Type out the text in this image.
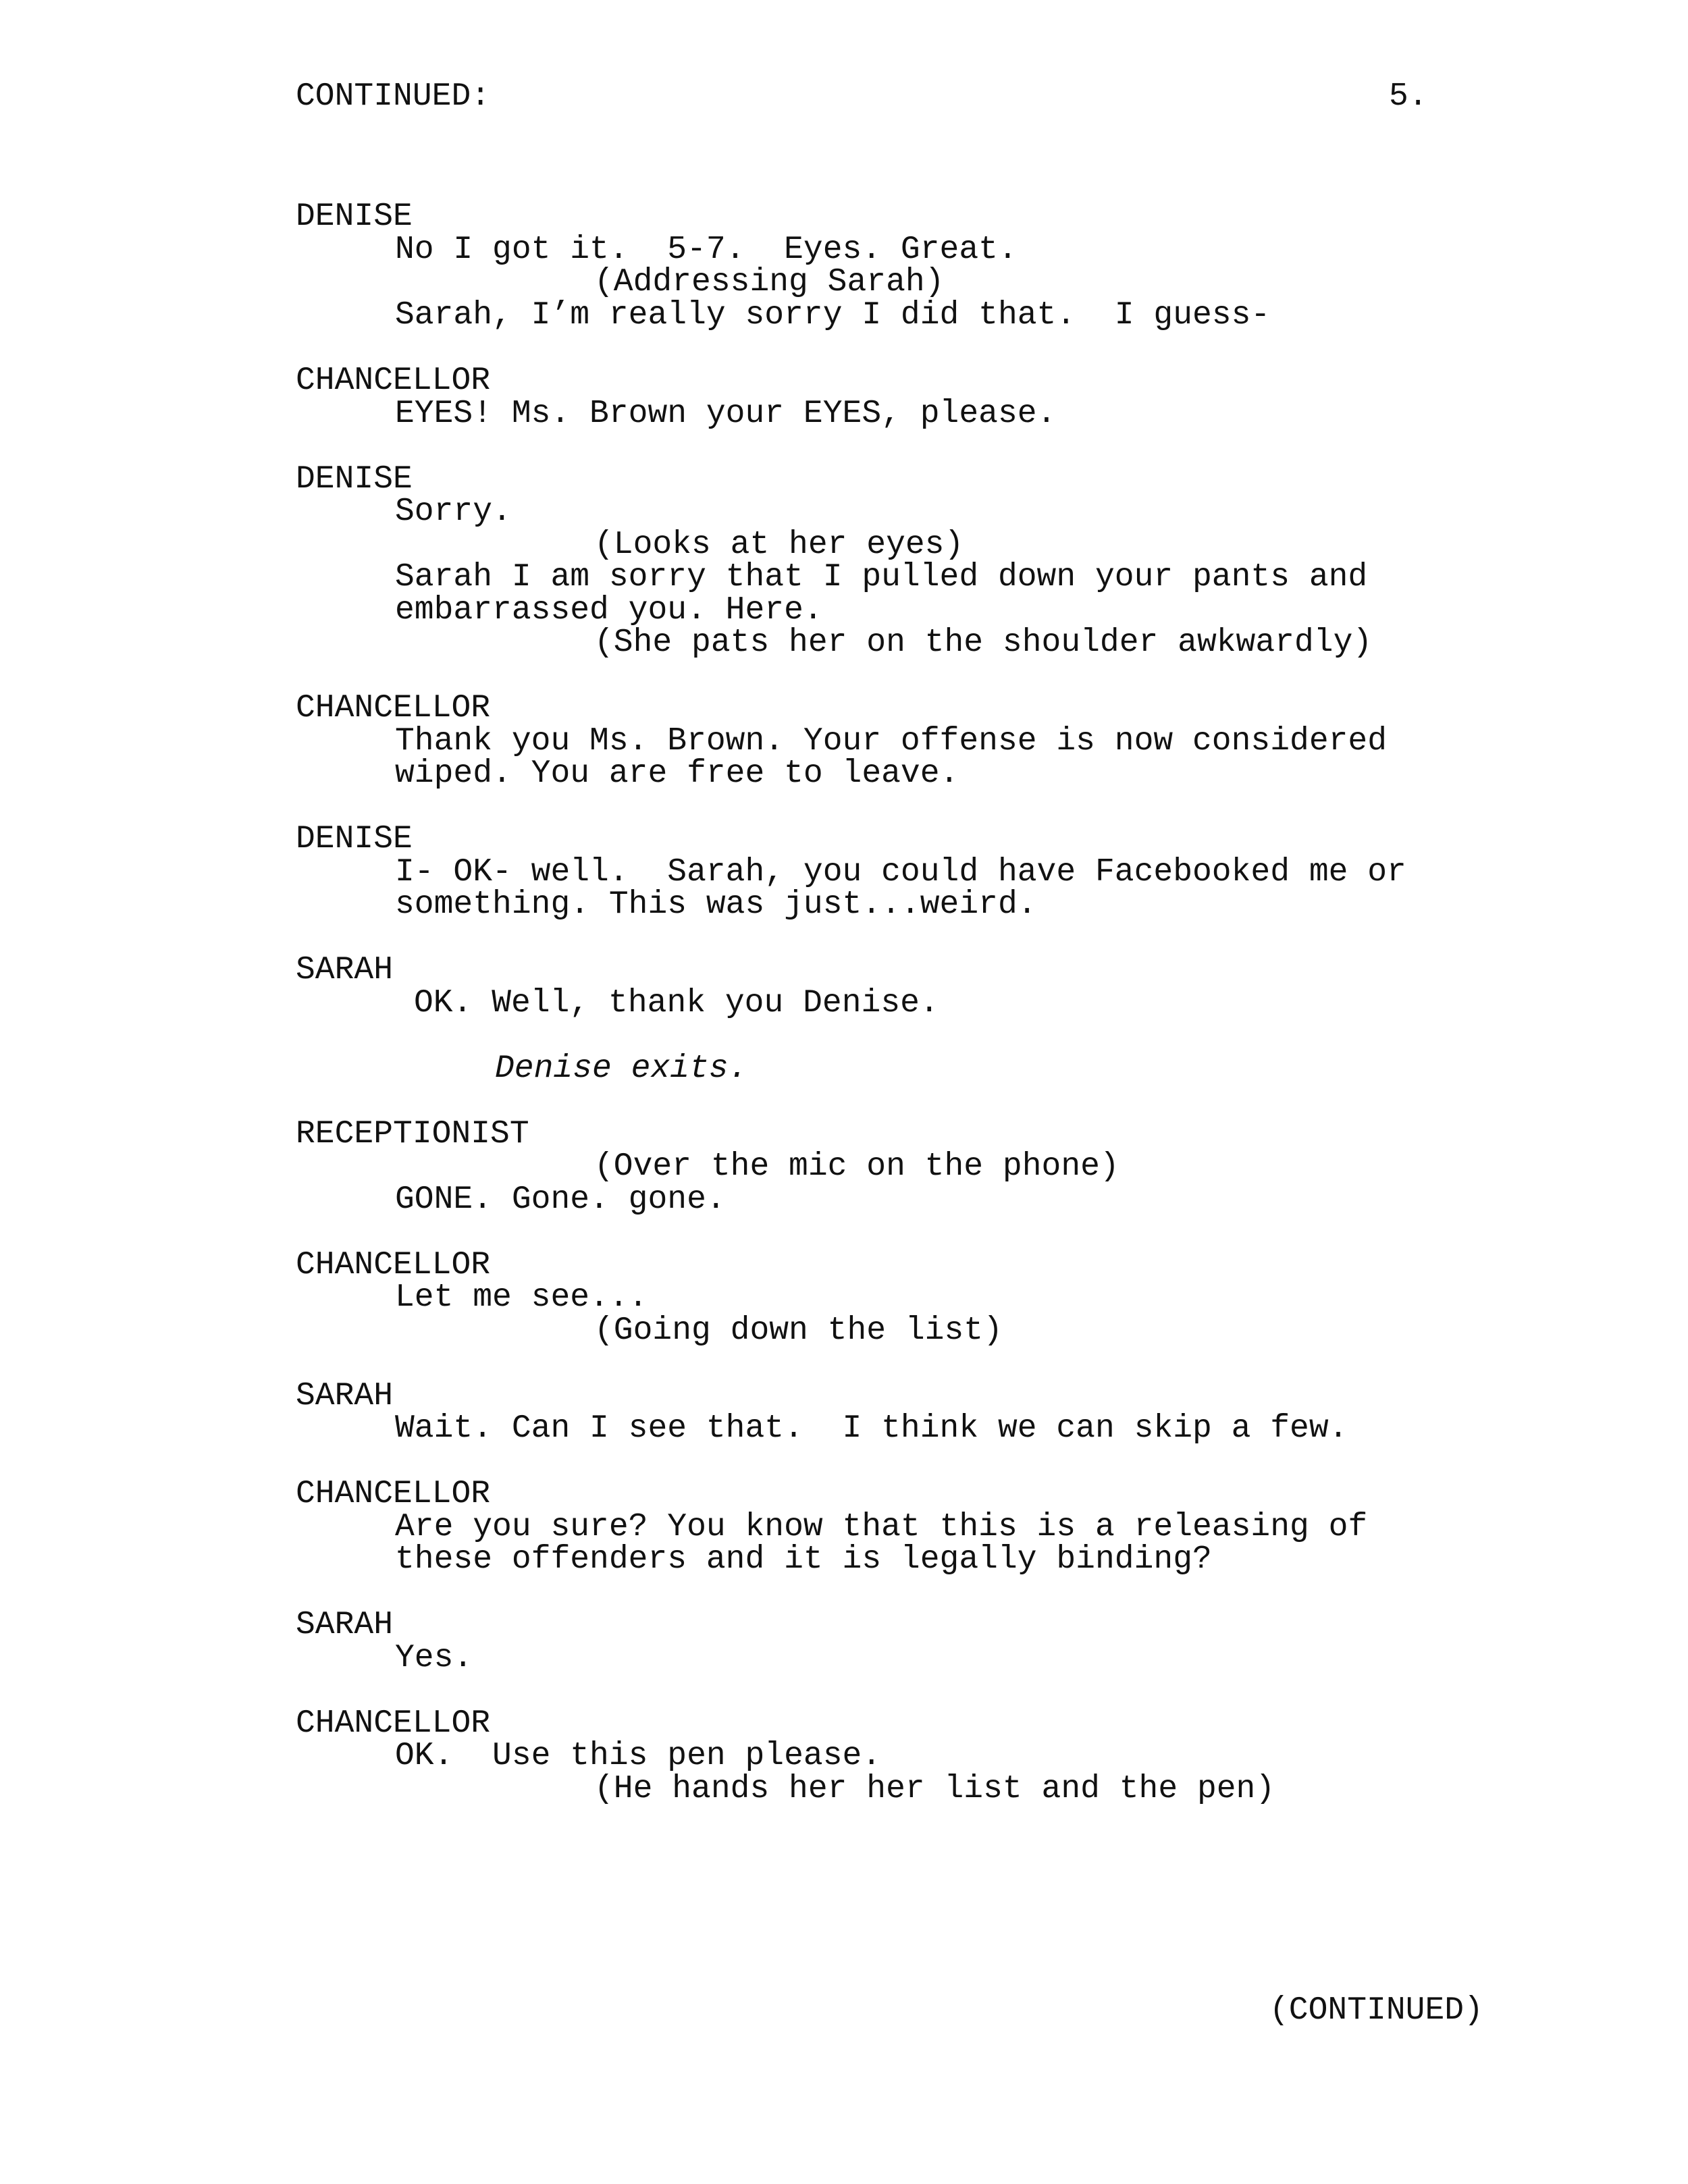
CONTINUED:	5.
DENISE
No I got it.  5-7.  Eyes. Great.
(Addressing Sarah)
Sarah, I’m really sorry I did that.  I guess-
CHANCELLOR
EYES! Ms. Brown your EYES, please.
DENISE
Sorry.
(Looks at her eyes)
Sarah I am sorry that I pulled down your pants and
embarrassed you. Here.
(She pats her on the shoulder awkwardly)
CHANCELLOR
Thank you Ms. Brown. Your offense is now considered
wiped. You are free to leave.
DENISE
I- OK- well.  Sarah, you could have Facebooked me or
something. This was just...weird.
SARAH
OK. Well, thank you Denise.
Denise exits.
RECEPTIONIST
(Over the mic on the phone)
GONE. Gone. gone.
CHANCELLOR
Let me see...
(Going down the list)
SARAH
Wait. Can I see that.  I think we can skip a few.
CHANCELLOR
Are you sure? You know that this is a releasing of
these offenders and it is legally binding?
SARAH
Yes.
CHANCELLOR
OK.  Use this pen please.
(He hands her her list and the pen)
(CONTINUED)
